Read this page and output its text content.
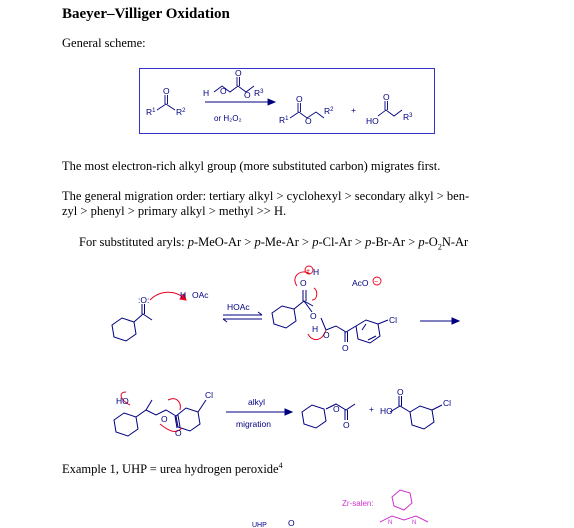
Baeyer–Villiger Oxidation
General scheme:
O
$R^1$ $R^2$
H O
O
O $R^3$
or H₂O₂	$R^1$
O
O
$R^2$ +
O
HO	$R^3$
The most electron-rich alkyl group (more substituted carbon) migrates first.
The general migration order: tertiary alkyl > cyclohexyl > secondary alkyl > ben-
zyl > phenyl > primary alkyl > methyl >> H.
For substituted aryls: $p-MeO-Ar > p-Me-Ar > p-Cl-Ar > p-Br-Ar > p-O_2N-Ar$
:O:	H OAc
HOAc
O
H
AcO
O
O
H
O
Cl
HO
Cl
O
O
alkyl
migration
O
O
+ HO
O
Cl
O
UHP
+
−
Zr-salen:
N	N
Example 1, UHP = urea hydrogen peroxide$^4$
